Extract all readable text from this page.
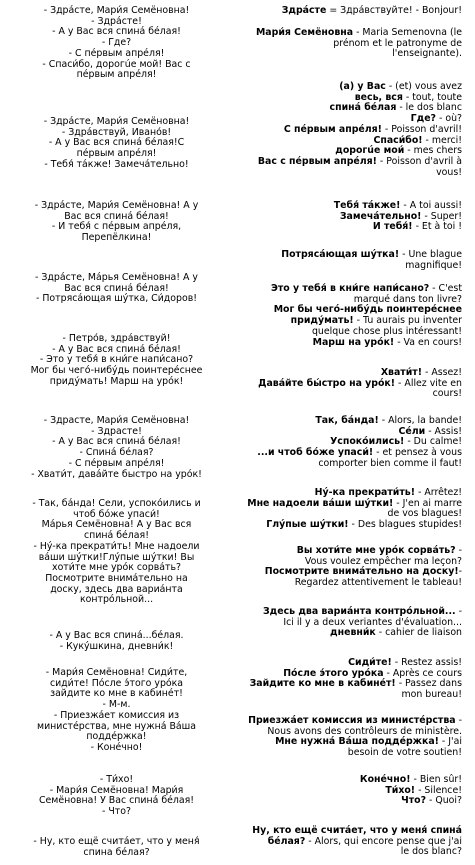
- Здрáсте, Мари́я Семёновна!
- Здрáсте!
- А у Вас вся спинá бéлая!
- Где?
- С пéрвым апрéля!
- Спаси́бо, дорогúе мой! Вас с
пéрвым апрéля!
- Здрáсте, Мари́я Семёновна!
- Здрáвствуй, Ивано́в!
- А у Вас вся спинá бéлая!С
пéрвым апрéля!
- Тебя́ тáкже! Замечáтельно!
- Здрáсте, Мари́я Семёновна! А у
Вас вся спинá бéлая!
- И тебя́ с пéрвым апрéля,
Перепёлкина!
- Здрáсте, Мáрья Семёновна! А у
Вас вся спинá бéлая!
- Потрясáющая шýтка, Си́доров!
- Петро́в, здрáвствуй!
- А у Вас вся спинá бéлая!
- Это у тебя́ в кни́ге напи́сано?
Мог бы чегó-нибýдь поинтерéснее
приду́мать! Марш на урóк!
- Здрасте, Мари́я Семёновна!
- Здрасте!
- А у Вас вся спинá бéлая!
- Спинá бéлая?
- С пéрвым апрéля!
- Хвати́т, давáйте быстро на урóк!
- Так, бáнда! Сели, успокóились и
чтоб бóже упаси́!
Мáрья Семёновна! А у Вас вся
спинá бéлая!
- Нý-ка прекрати́ть! Мне надоели
вáши шýтки!Глýпые шýтки! Вы
хоти́те мне урóк сорвáть?
Посмотрите внимáтельно на
доску, здесь два вариáнта
контрóльной...
- А у Вас вся спинá...бéлая.
- Кукýшкина, дневни́к!
- Мари́я Семёновна! Сиди́те,
сиди́те! Пóсле э́того урóка
зайдите ко мне в кабинéт!
- М-м.
- Приезжáет комиссия из
министéрства, мне нужнá Вáша
поддéржка!
- Конéчно!
- Ти́хо!
- Мари́я Семёновна! Мари́я
Семёновна! У Вас спинá бéлая!
- Что?
- Ну, кто ещё считáет, что у меня́
спина бéлая?
Здрáсте = Здрáвствуйте! - Bonjour!
Мари́я Семёновна - Maria Semenovna (le
prénom et le patronyme de
l'enseignante).
(а) у Вас - (et) vous avez
весь, вся - tout, toute
спинá бéлая - le dos blanc
Где? - où?
С пéрвым апрéля! - Poisson d'avril!
Спаси́бо! - merci!
дорогúе мои́ - mes chers
Вас с пéрвым апрéля! - Poisson d'avril à
vous!
Тебя́ тáкже! - A toi aussi!
Замечáтельно! - Super!
И тебя́! - Et à toi !
Потрясáющая шýтка! - Une blague
magnifique!
Это у тебя́ в кни́ге напи́сано? - C'est
marqué dans ton livre?
Мог бы чегó-нибýдь поинтерéснее
приду́мать! - Tu aurais pu inventer
quelque chose plus intéressant!
Марш на урóк! - Va en cours!
Хвати́т! - Assez!
Давáйте бы́стро на урóк! - Allez vite en
cours!
Так, бáнда! - Alors, la bande!
Сéли - Assis!
Успокóились! - Du calme!
...и чтоб бóже упаси́! - et pensez à vous
comporter bien comme il faut!
Нý-ка прекрати́ть! - Arrêtez!
Мне надоели вáши шýтки! - J'en ai marre
de vos blagues!
Глýпые шýтки! - Des blagues stupides!
Вы хоти́те мне урóк сорвáть? -
Vous voulez empêcher ma leçon?
Посмотрите внимáтельно на доску!-
Regardez attentivement le tableau!
Здесь два вариáнта контрóльной... -
Ici il y a deux veriantes d'évaluation...
дневни́к - cahier de liaison
Сиди́те! - Restez assis!
Пóсле э́того урóка - Après ce cours
Зайдите ко мне в кабинéт! - Passez dans
mon bureau!
Приезжáет комиссия из министéрства -
Nous avons des contrôleurs de ministère.
Мне нужнá Вáша поддéржка! - J'ai
besoin de votre soutien!
Конéчно! - Bien sûr!
Ти́хо! - Silence!
Что? - Quoi?
Ну, кто ещё считáет, что у меня́ спинá
бéлая? - Alors, qui encore pense que j'ai
le dos blanc?
